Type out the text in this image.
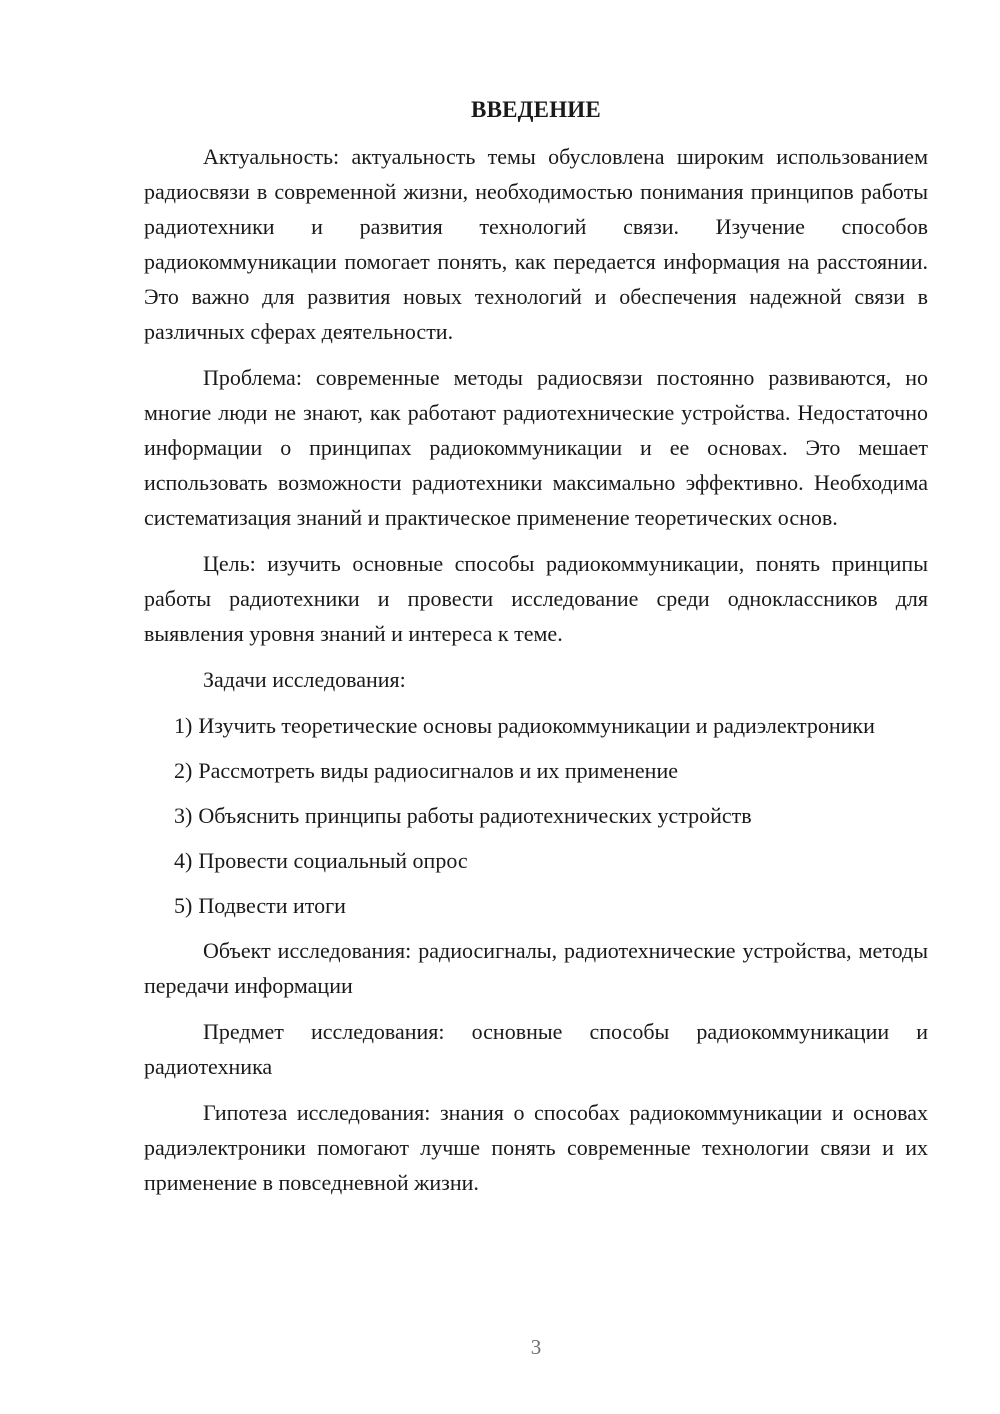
ВВЕДЕНИЕ

Актуальность: актуальность темы обусловлена широким использованием радиосвязи в современной жизни, необходимостью понимания принципов работы радиотехники и развития технологий связи. Изучение способов радиокоммуникации помогает понять, как передается информация на расстоянии. Это важно для развития новых технологий и обеспечения надежной связи в различных сферах деятельности.

Проблема: современные методы радиосвязи постоянно развиваются, но многие люди не знают, как работают радиотехнические устройства. Недостаточно информации о принципах радиокоммуникации и ее основах. Это мешает использовать возможности радиотехники максимально эффективно. Необходима систематизация знаний и практическое применение теоретических основ.

Цель: изучить основные способы радиокоммуникации, понять принципы работы радиотехники и провести исследование среди одноклассников для выявления уровня знаний и интереса к теме.

Задачи исследования:

1) Изучить теоретические основы радиокоммуникации и радиэлектроники

2) Рассмотреть виды радиосигналов и их применение

3) Объяснить принципы работы радиотехнических устройств

4) Провести социальный опрос

5) Подвести итоги

Объект исследования: радиосигналы, радиотехнические устройства, методы передачи информации

Предмет исследования: основные способы радиокоммуникации и радиотехника

Гипотеза исследования: знания о способах радиокоммуникации и основах радиэлектроники помогают лучше понять современные технологии связи и их применение в повседневной жизни.

3
